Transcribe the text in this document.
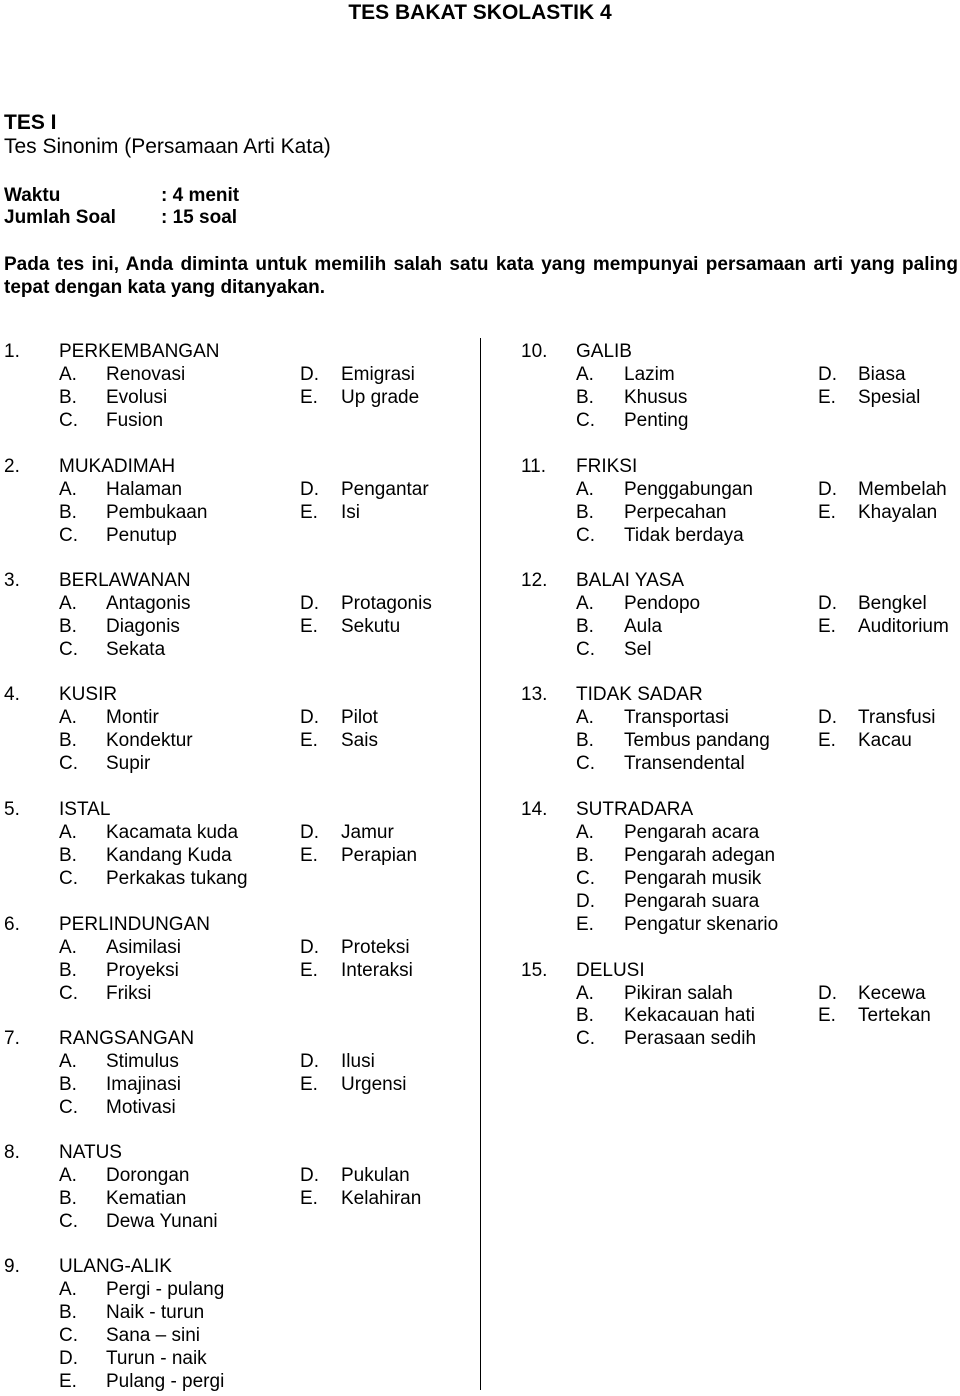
TES BAKAT SKOLASTIK 4
TES I
Tes Sinonim (Persamaan Arti Kata)
Waktu	: 4 menit
Jumlah Soal : 15 soal
Pada tes ini, Anda diminta untuk memilih salah satu kata yang mempunyai persamaan arti yang paling tepat dengan kata yang ditanyakan.
1. PERKEMBANGAN
A. Renovasi
B. Evolusi
C. Fusion
D. Emigrasi
E. Up grade
2. MUKADIMAH
A. Halaman
B. Pembukaan
C. Penutup
D. Pengantar
E. Isi
3. BERLAWANAN
A. Antagonis
B. Diagonis
C. Sekata
D. Protagonis
E. Sekutu
4. KUSIR
A. Montir
B. Kondektur
C. Supir
D. Pilot
E. Sais
5. ISTAL
A. Kacamata kuda
B. Kandang Kuda
C. Perkakas tukang
D. Jamur
E. Perapian
6. PERLINDUNGAN
A. Asimilasi
B. Proyeksi
C. Friksi
D. Proteksi
E. Interaksi
7. RANGSANGAN
A. Stimulus
B. Imajinasi
C. Motivasi
D. Ilusi
E. Urgensi
8. NATUS
A. Dorongan
B. Kematian
C. Dewa Yunani
D. Pukulan
E. Kelahiran
9. ULANG-ALIK
A. Pergi - pulang
B. Naik - turun
C. Sana – sini
D. Turun - naik
E. Pulang - pergi
10. GALIB
A. Lazim
B. Khusus
C. Penting
D. Biasa
E. Spesial
11. FRIKSI
A. Penggabungan
B. Perpecahan
C. Tidak berdaya
D. Membelah
E. Khayalan
12. BALAI YASA
A. Pendopo
B. Aula
C. Sel
D. Bengkel
E. Auditorium
13. TIDAK SADAR
A. Transportasi
B. Tembus pandang
C. Transendental
D. Transfusi
E. Kacau
14. SUTRADARA
A. Pengarah acara
B. Pengarah adegan
C. Pengarah musik
D. Pengarah suara
E. Pengatur skenario
15. DELUSI
A. Pikiran salah
B. Kekacauan hati
C. Perasaan sedih
D. Kecewa
E. Tertekan
